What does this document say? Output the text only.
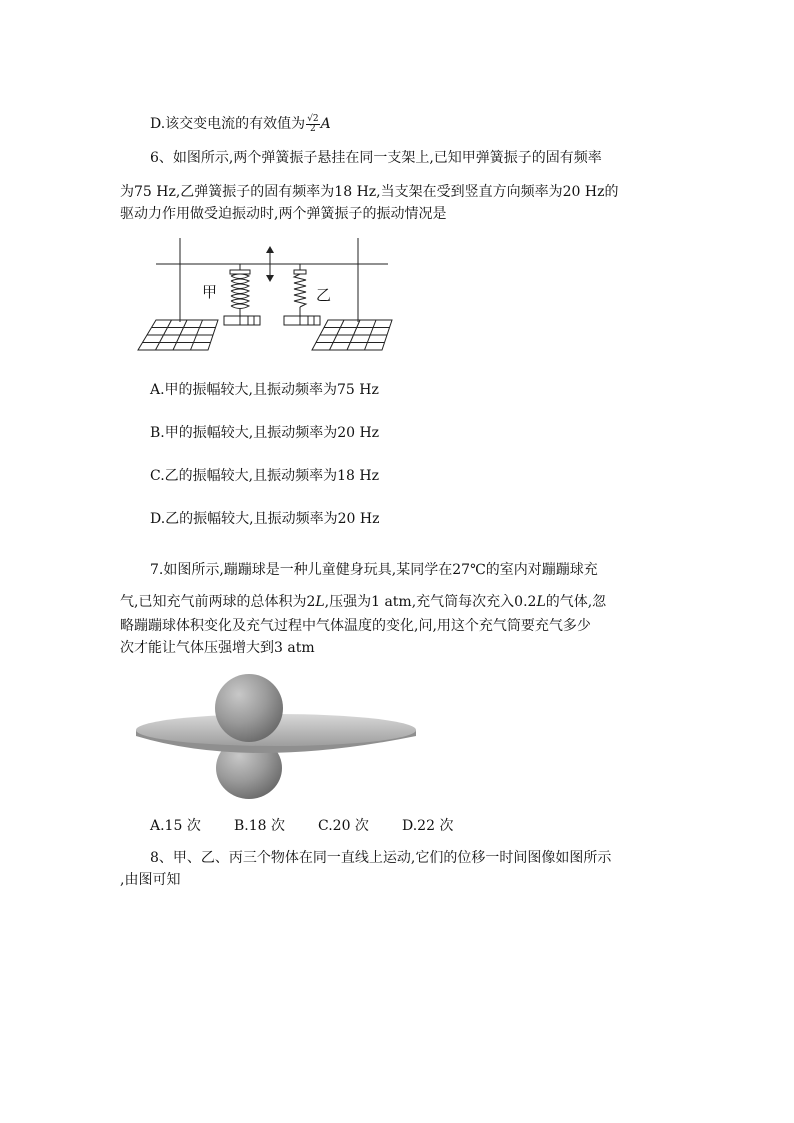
D.该交变电流的有效值为 $\frac{√2}{2}$ A
6、如图所示,两个弹簧振子悬挂在同一支架上,已知甲弹簧振子的固有频率
为75 Hz,乙弹簧振子的固有频率为18 Hz,当支架在受到竖直方向频率为20 Hz的
驱动力作用做受迫振动时,两个弹簧振子的振动情况是
甲	乙
A.甲的振幅较大,且振动频率为75 Hz
B.甲的振幅较大,且振动频率为20 Hz
C.乙的振幅较大,且振动频率为18 Hz
D.乙的振幅较大,且振动频率为20 Hz
7.如图所示,蹦蹦球是一种儿童健身玩具,某同学在27℃的室内对蹦蹦球充
气,已知充气前两球的总体积为2L,压强为1 atm,充气筒每次充入0.2L的气体,忽
略蹦蹦球体积变化及充气过程中气体温度的变化,问,用这个充气筒要充气多少
次才能让气体压强增大到3 atm
A.15 次 B.18 次 C.20 次 D.22 次
8、甲、乙、丙三个物体在同一直线上运动,它们的位移一时间图像如图所示
,由图可知
